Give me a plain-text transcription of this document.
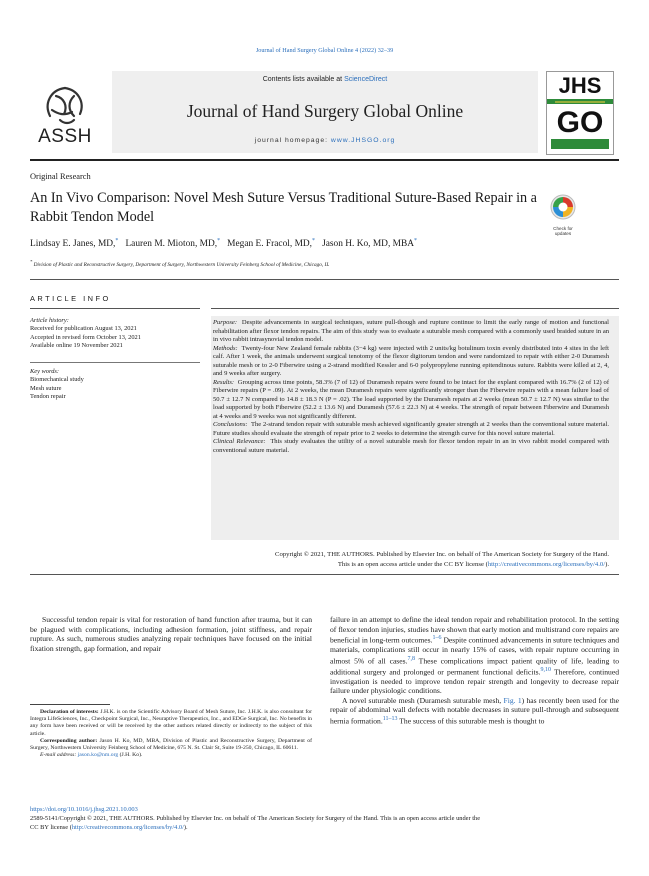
Journal of Hand Surgery Global Online 4 (2022) 32–39
ASSH
Contents lists available at ScienceDirect
Journal of Hand Surgery Global Online
journal homepage: www.JHSGO.org
JHS
GO
Original Research
An In Vivo Comparison: Novel Mesh Suture Versus Traditional Suture-Based Repair in a Rabbit Tendon Model
Check for updates
Lindsay E. Janes, MD,* Lauren M. Mioton, MD,* Megan E. Fracol, MD,* Jason H. Ko, MD, MBA*
* Division of Plastic and Reconstructive Surgery, Department of Surgery, Northwestern University Feinberg School of Medicine, Chicago, IL
ARTICLE INFO
Article history:
Received for publication August 13, 2021
Accepted in revised form October 13, 2021
Available online 19 November 2021
Key words:
Biomechanical study
Mesh suture
Tendon repair

Purpose: Despite advancements in surgical techniques, suture pull-though and rupture continue to limit the early range of motion and functional rehabilitation after flexor tendon repairs. The aim of this study was to evaluate a suturable mesh compared with a commonly used braided suture in an in vivo rabbit intrasynovial tendon model.

Methods: Twenty-four New Zealand female rabbits (3−4 kg) were injected with 2 units/kg botulinum toxin evenly distributed into 4 sites in the left calf. After 1 week, the animals underwent surgical tenotomy of the flexor digitorum tendon and were randomized to repair with either 2-0 Duramesh suturable mesh or to 2-0 Fiberwire using a 2-strand modified Kessler and 6-0 polypropylene running epitendinous suture. Rabbits were killed at 2, 4, and 9 weeks after surgery.

Results: Grouping across time points, 58.3% (7 of 12) of Duramesh repairs were found to be intact for the explant compared with 16.7% (2 of 12) of Fiberwire repairs (P = .09). At 2 weeks, the mean Duramesh repairs were significantly stronger than the Fiberwire repairs with a mean failure load of 50.7 ± 12.7 N compared to 14.8 ± 18.3 N (P = .02). The load supported by the Duramesh repairs at 2 weeks (mean 50.7 ± 12.7 N) was similar to the load supported by both Fiberwire (52.2 ± 13.6 N) and Duramesh (57.6 ± 22.3 N) at 4 weeks. The strength of repair between Fiberwire and Duramesh at 4 weeks and 9 weeks was not significantly different.

Conclusions: The 2-strand tendon repair with suturable mesh achieved significantly greater strength at 2 weeks than the conventional suture material. Future studies should evaluate the strength of repair prior to 2 weeks to determine the strength curve for this novel suture material.

Clinical Relevance: This study evaluates the utility of a novel suturable mesh for flexor tendon repair in an in vivo rabbit model compared with conventional suture material.

Copyright © 2021, THE AUTHORS. Published by Elsevier Inc. on behalf of The American Society for Surgery of the Hand.
This is an open access article under the CC BY license (http://creativecommons.org/licenses/by/4.0/).

Successful tendon repair is vital for restoration of hand function after trauma, but it can be plagued with complications, including adhesion formation, joint stiffness, and repair rupture. As such, numerous studies analyzing repair techniques have focused on the initial fixation strength, gap formation, and repair

failure in an attempt to define the ideal tendon repair and rehabilitation protocol. In the setting of flexor tendon injuries, studies have shown that early motion and multistrand core repairs are beneficial in long-term outcomes.$^{1-6}$ Despite continued advancements in suture techniques and materials, complications still occur in nearly 15% of cases, with repair rupture occurring in almost 5% of all cases.$^{7,8}$ These complications impact patient quality of life, leading to additional surgery and prolonged or permanent functional deficits.$^{9,10}$ Therefore, continued investigation is needed to improve tendon repair strength and longevity to decrease repair failure under physiologic conditions.

A novel suturable mesh (Duramesh suturable mesh, Fig. 1) has recently been used for the repair of abdominal wall defects with notable decreases in suture pull-through and subsequent hernia formation.$^{11-13}$ The success of this suturable mesh is thought to

Declaration of interests: J.H.K. is on the Scientific Advisory Board of Mesh Suture, Inc. J.H.K. is also consultant for Integra LifeSciences, Inc., Checkpoint Surgical, Inc., Neuraptive Therapeutics, Inc., and EDGe Surgical, Inc. No benefits in any form have been received or will be received by the other authors related directly or indirectly to the subject of this article.

Corresponding author: Jason H. Ko, MD, MBA, Division of Plastic and Reconstructive Surgery, Department of Surgery, Northwestern University Feinberg School of Medicine, 675 N. St. Clair St, Suite 19-250, Chicago, IL 60611.

E-mail address: jason.ko@nm.org (J.H. Ko).

https://doi.org/10.1016/j.jhsg.2021.10.003
2589-5141/Copyright © 2021, THE AUTHORS. Published by Elsevier Inc. on behalf of The American Society for Surgery of the Hand. This is an open access article under the
CC BY license (http://creativecommons.org/licenses/by/4.0/).
